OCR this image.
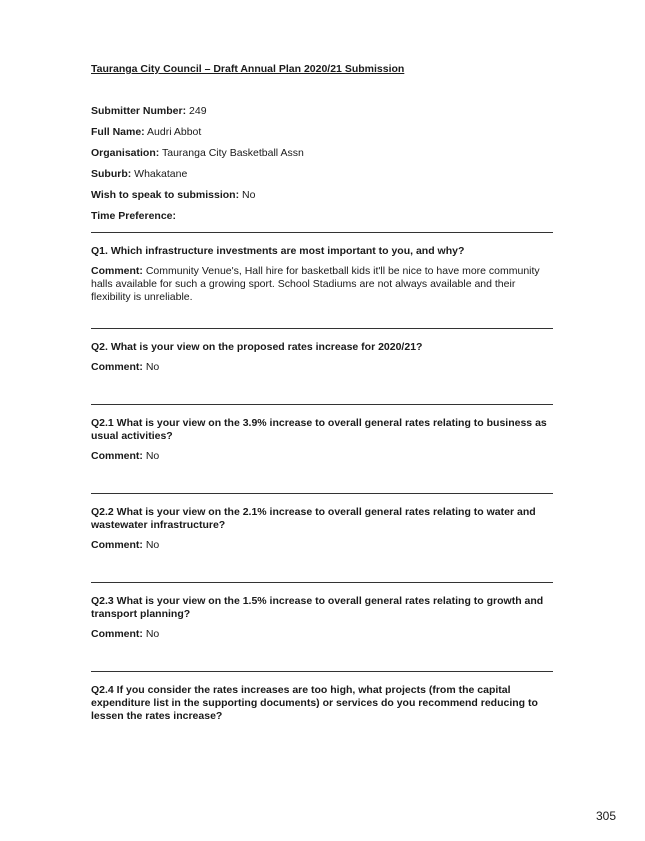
Tauranga City Council – Draft Annual Plan 2020/21 Submission
Submitter Number: 249
Full Name: Audri Abbot
Organisation: Tauranga City Basketball Assn
Suburb: Whakatane
Wish to speak to submission: No
Time Preference:
Q1. Which infrastructure investments are most important to you, and why?
Comment: Community Venue's, Hall hire for basketball kids it'll be nice to have more community halls available for such a growing sport. School Stadiums are not always available and their flexibility is unreliable.
Q2. What is your view on the proposed rates increase for 2020/21?
Comment: No
Q2.1 What is your view on the 3.9% increase to overall general rates relating to business as usual activities?
Comment: No
Q2.2 What is your view on the 2.1% increase to overall general rates relating to water and wastewater infrastructure?
Comment: No
Q2.3 What is your view on the 1.5% increase to overall general rates relating to growth and transport planning?
Comment: No
Q2.4 If you consider the rates increases are too high, what projects (from the capital expenditure list in the supporting documents) or services do you recommend reducing to lessen the rates increase?
305
